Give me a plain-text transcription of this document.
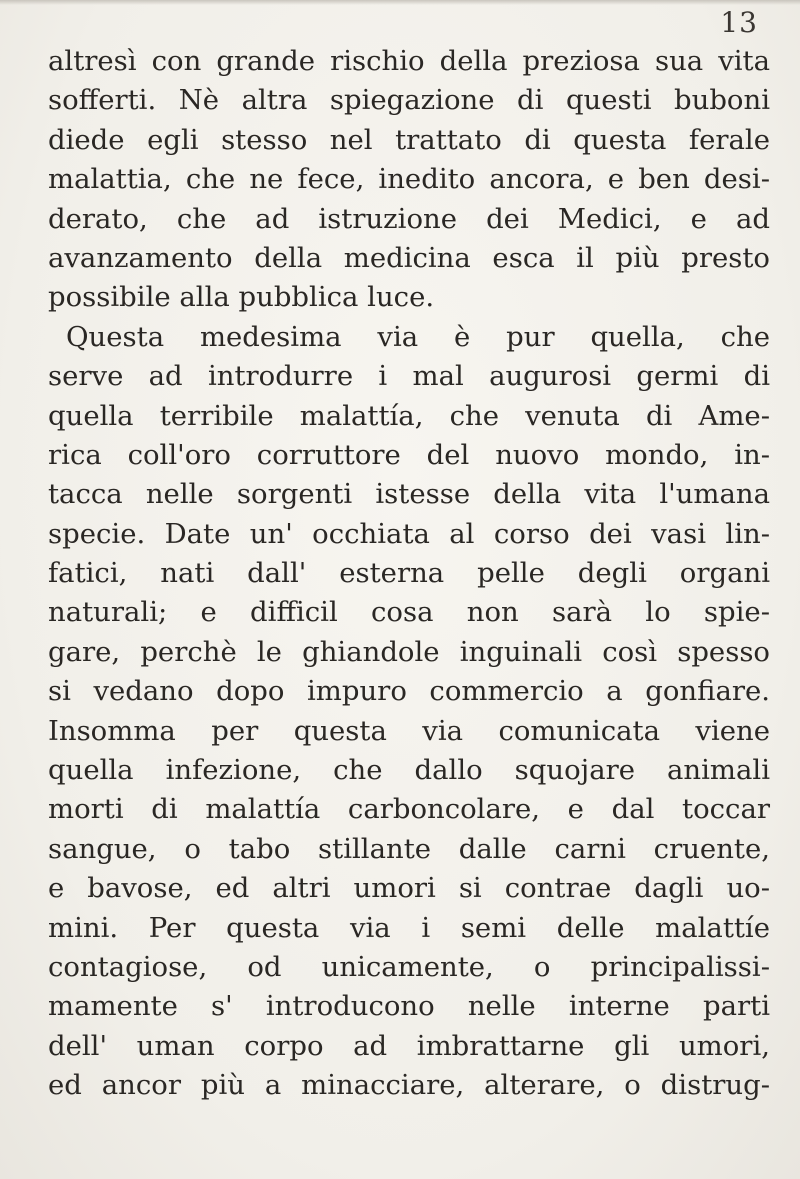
13
altresì con grande rischio della preziosa sua vita
sofferti. Nè altra spiegazione di questi buboni
diede egli stesso nel trattato di questa ferale
malattia, che ne fece, inedito ancora, e ben desi-
derato, che ad istruzione dei Medici, e ad
avanzamento della medicina esca il più presto
possibile alla pubblica luce.
Questa medesima via è pur quella, che
serve ad introdurre i mal augurosi germi di
quella terribile malattía, che venuta di Ame-
rica coll'oro corruttore del nuovo mondo, in-
tacca nelle sorgenti istesse della vita l'umana
specie. Date un' occhiata al corso dei vasi lin-
fatici, nati dall' esterna pelle degli organi
naturali; e difficil cosa non sarà lo spie-
gare, perchè le ghiandole inguinali così spesso
si vedano dopo impuro commercio a gonfiare.
Insomma per questa via comunicata viene
quella infezione, che dallo squojare animali
morti di malattía carboncolare, e dal toccar
sangue, o tabo stillante dalle carni cruente,
e bavose, ed altri umori si contrae dagli uo-
mini. Per questa via i semi delle malattíe
contagiose, od unicamente, o principalissi-
mamente s' introducono nelle interne parti
dell' uman corpo ad imbrattarne gli umori,
ed ancor più a minacciare, alterare, o distrug-
